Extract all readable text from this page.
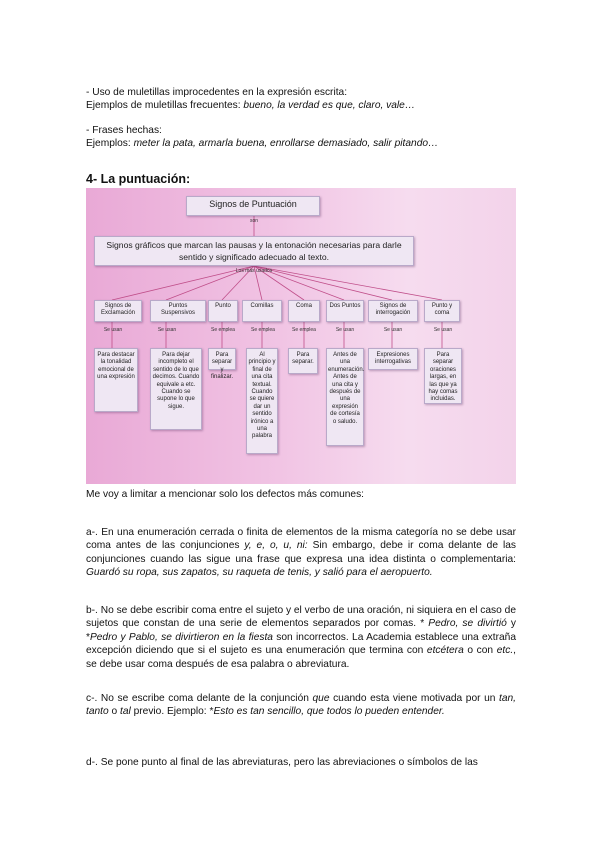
- Uso de muletillas improcedentes en la expresión escrita:
Ejemplos de muletillas frecuentes: bueno, la verdad es que, claro, vale…
- Frases hechas:
Ejemplos: meter la pata, armarla buena, enrollarse demasiado, salir pitando…
4- La puntuación:
Signos de Puntuación
son
Signos gráficos que marcan las pausas y la entonación necesarias para darle sentido y significado adecuado al texto.
Los más usados
Signos de Exclamación
Puntos Suspensivos
Punto	Comillas	Coma	Dos Puntos	Signos de interrogación
Punto y coma
Se usan	Se usan	Se emplea	Se emplea	Se emplea	Se usan	Se usan	Se usan
Para destacar la tonalidad emocional de una expresión
Para dejar incompleto el sentido de lo que decimos. Cuando equivale a etc. Cuando se supone lo que sigue.
Para separar y finalizar.
Al principio y final de una cita textual. Cuando se quiere dar un sentido irónico a una palabra
Para separar.
Antes de una enumeración. Antes de una cita y después de una expresión de cortesía o saludo.
Expresiones interrogativas
Para separar oraciones largas, en las que ya hay comas incluidas.
Me voy a limitar a mencionar solo los defectos más comunes:
a-. En una enumeración cerrada o finita de elementos de la misma categoría no se debe usar coma antes de las conjunciones y, e, o, u, ni: Sin embargo, debe ir coma delante de las conjunciones cuando las sigue una frase que expresa una idea distinta o complementaria: Guardó su ropa, sus zapatos, su raqueta de tenis, y salió para el aeropuerto.
b-. No se debe escribir coma entre el sujeto y el verbo de una oración, ni siquiera en el caso de sujetos que constan de una serie de elementos separados por comas. * Pedro, se divirtió y *Pedro y Pablo, se divirtieron en la fiesta son incorrectos. La Academia establece una extraña excepción diciendo que si el sujeto es una enumeración que termina con etcétera o con etc., se debe usar coma después de esa palabra o abreviatura.
c-. No se escribe coma delante de la conjunción que cuando esta viene motivada por un tan, tanto o tal previo. Ejemplo: *Esto es tan sencillo, que todos lo pueden entender.
d-. Se pone punto al final de las abreviaturas, pero las abreviaciones o símbolos de las
